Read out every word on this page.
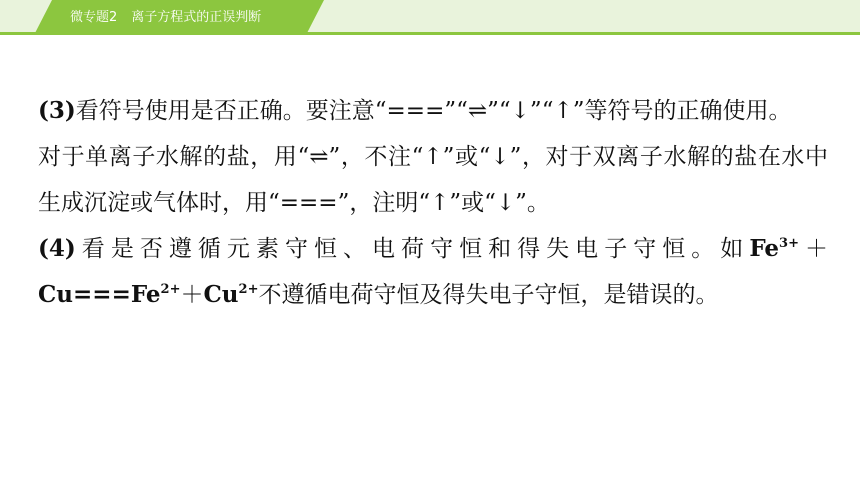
微专题2 离子方程式的正误判断

(3)看符号使用是否正确。要注意“===”“⇌”“↓”“↑”等符号的正确使用。

对于单离子水解的盐，用“⇌”，不注“↑”或“↓”，对于双离子水解的盐在水中生成沉淀或气体时，用“===”，注明“↑”或“↓”。

(4)看是否遵循元素守恒、电荷守恒和得失电子守恒。如$Fe^{3+}+Cu===Fe^{2+}+Cu^{2+}$不遵循电荷守恒及得失电子守恒，是错误的。
